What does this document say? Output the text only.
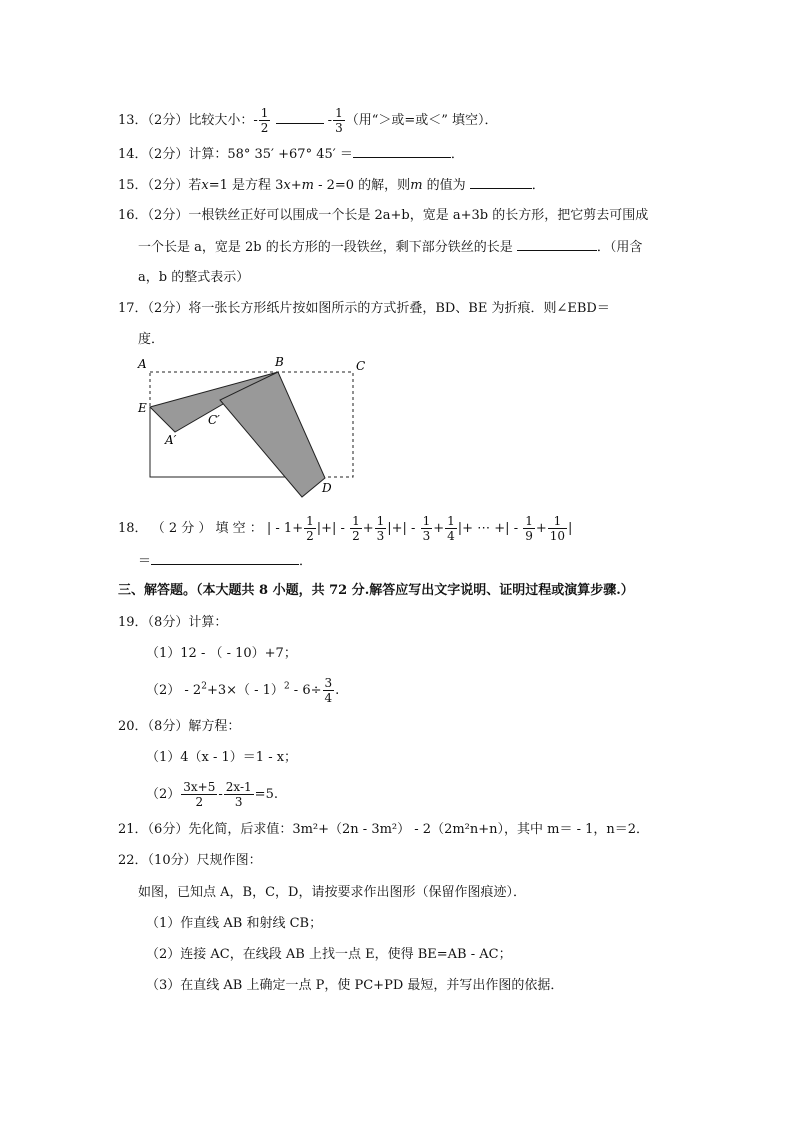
13．（2分）比较大小：- $\frac{1}{2}$	- $\frac{1}{3}$ （用“＞或=或＜” 填空）．
14．（2分）计算：58° 35′ +67° 45′ ＝	．
15．（2分）若x=1 是方程 3x+m - 2=0 的解，则m 的值为	．
16．（2分）一根铁丝正好可以围成一个长是 2a+b，宽是 a+3b 的长方形，把它剪去可围成
一个长是 a，宽是 2b 的长方形的一段铁丝，剩下部分铁丝的长是	．（用含
a，b 的整式表示）
17．（2分）将一张长方形纸片按如图所示的方式折叠，BD、BE 为折痕．则∠EBD＝
度．
A	B	C
E
A′
C′
D
18． （ 2 分 ） 填 空 ： | - $1+ \frac{1}{2}$ |+| - $\frac{1}{2} + \frac{1}{3}$ |+| - $\frac{1}{3} + \frac{1}{4}$ |+ ⋯ +| - $\frac{1}{9} + \frac{1}{10}$ |
＝	．
三、解答题。（本大题共 8 小题，共 72 分.解答应写出文字说明、证明过程或演算步骤.）
19．（8分）计算：
（1）12 - （ - 10）+7；
$(2) - 2^2+3\times( - 1)^2 - 6\div \frac{3}{4}$ .
20．（8分）解方程：
（1）4（x - 1）＝1 - x；
$(2) \frac{3x+5}{2} - \frac{2x-1}{3} =5$.
21．（6分）先化简，后求值：3m²+（2n - 3m²） - 2（2m²n+n），其中 m＝ - 1，n＝2．
22．（10分）尺规作图：
如图，已知点 A，B，C，D，请按要求作出图形（保留作图痕迹）．
（1）作直线 AB 和射线 CB；
（2）连接 AC，在线段 AB 上找一点 E，使得 BE=AB - AC；
（3）在直线 AB 上确定一点 P，使 PC+PD 最短，并写出作图的依据．
